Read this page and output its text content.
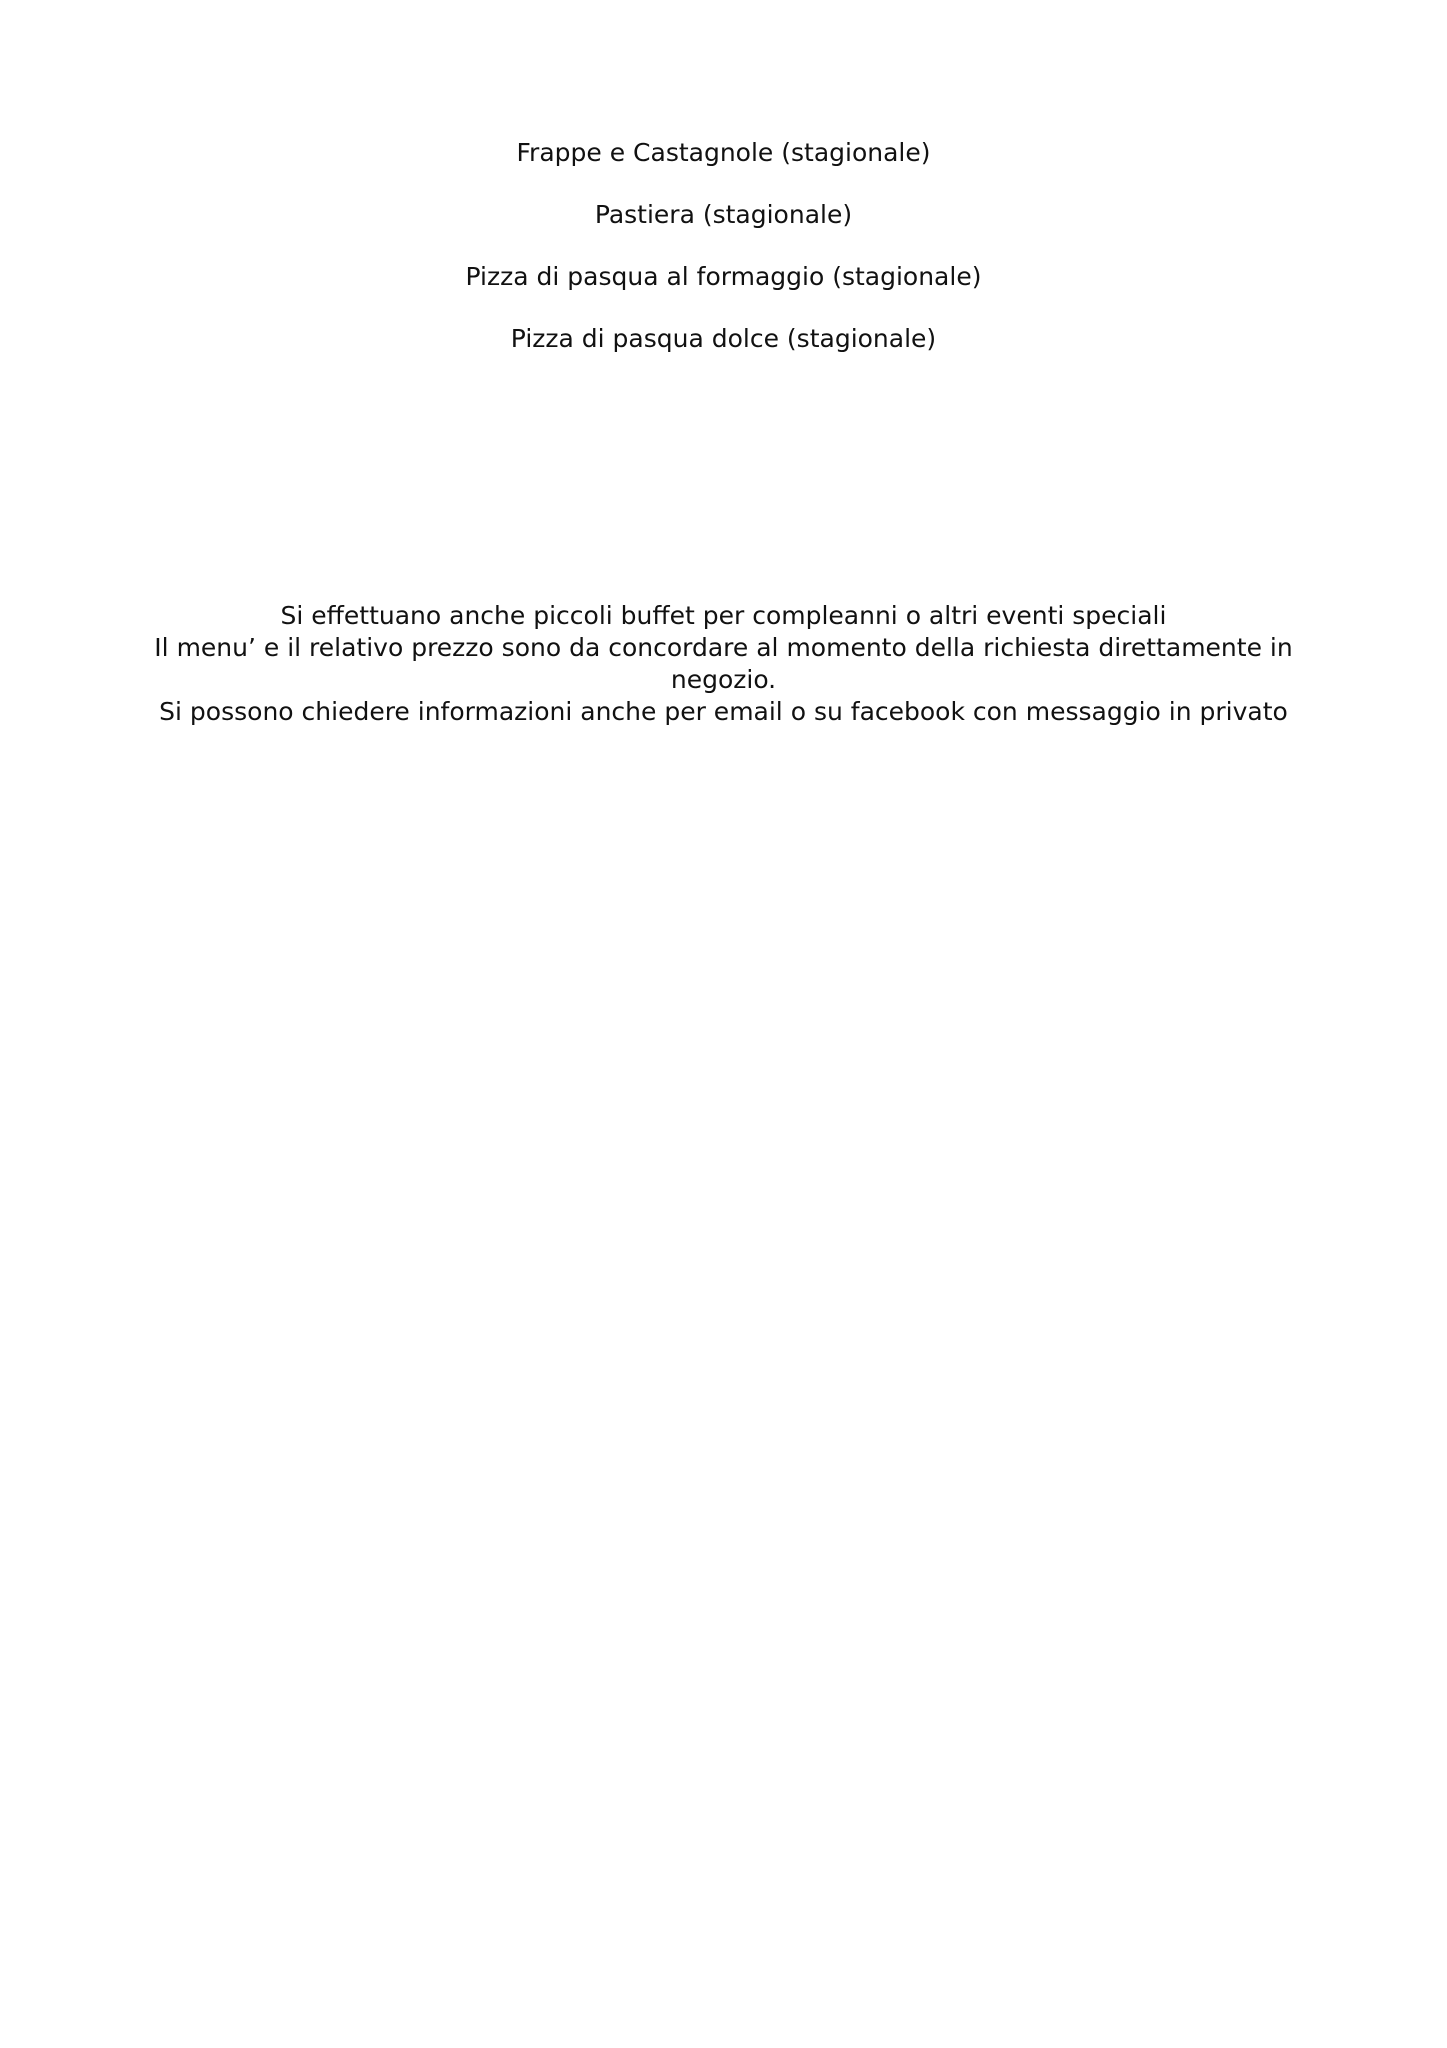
Frappe e Castagnole (stagionale)
Pastiera (stagionale)
Pizza di pasqua al formaggio (stagionale)
Pizza di pasqua dolce (stagionale)

Si effettuano anche piccoli buffet per compleanni o altri eventi speciali

Il menu’ e il relativo prezzo sono da concordare al momento della richiesta direttamente in negozio.

Si possono chiedere informazioni anche per email o su facebook con messaggio in privato
